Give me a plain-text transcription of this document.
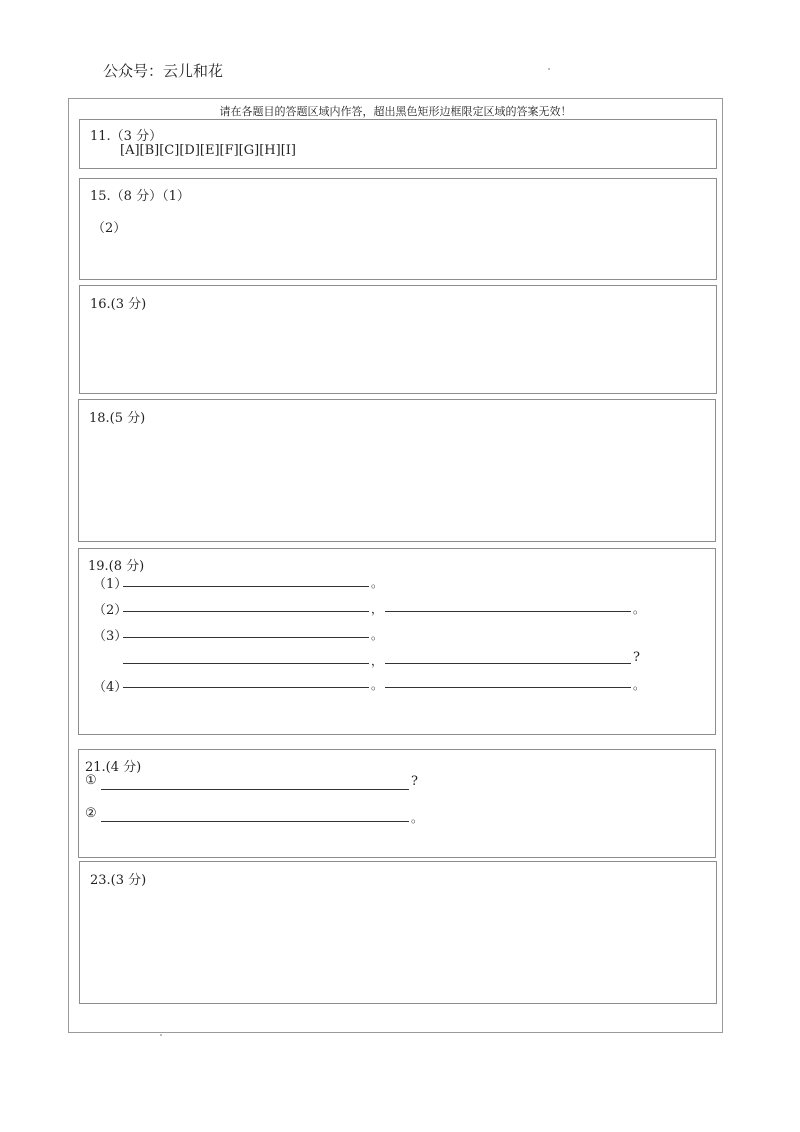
公众号：云儿和花
请在各题目的答题区域内作答，超出黑色矩形边框限定区域的答案无效！
11.（3 分）
[A][B][C][D][E][F][G][H][I]
15.（8 分）（1）
（2）
16.(3 分)
18.(5 分)
19.(8 分)
（1）	。
（2）	，	。
（3）	。
，	?
（4）	。	。
21.(4 分)
①	?
②	。
23.(3 分)
